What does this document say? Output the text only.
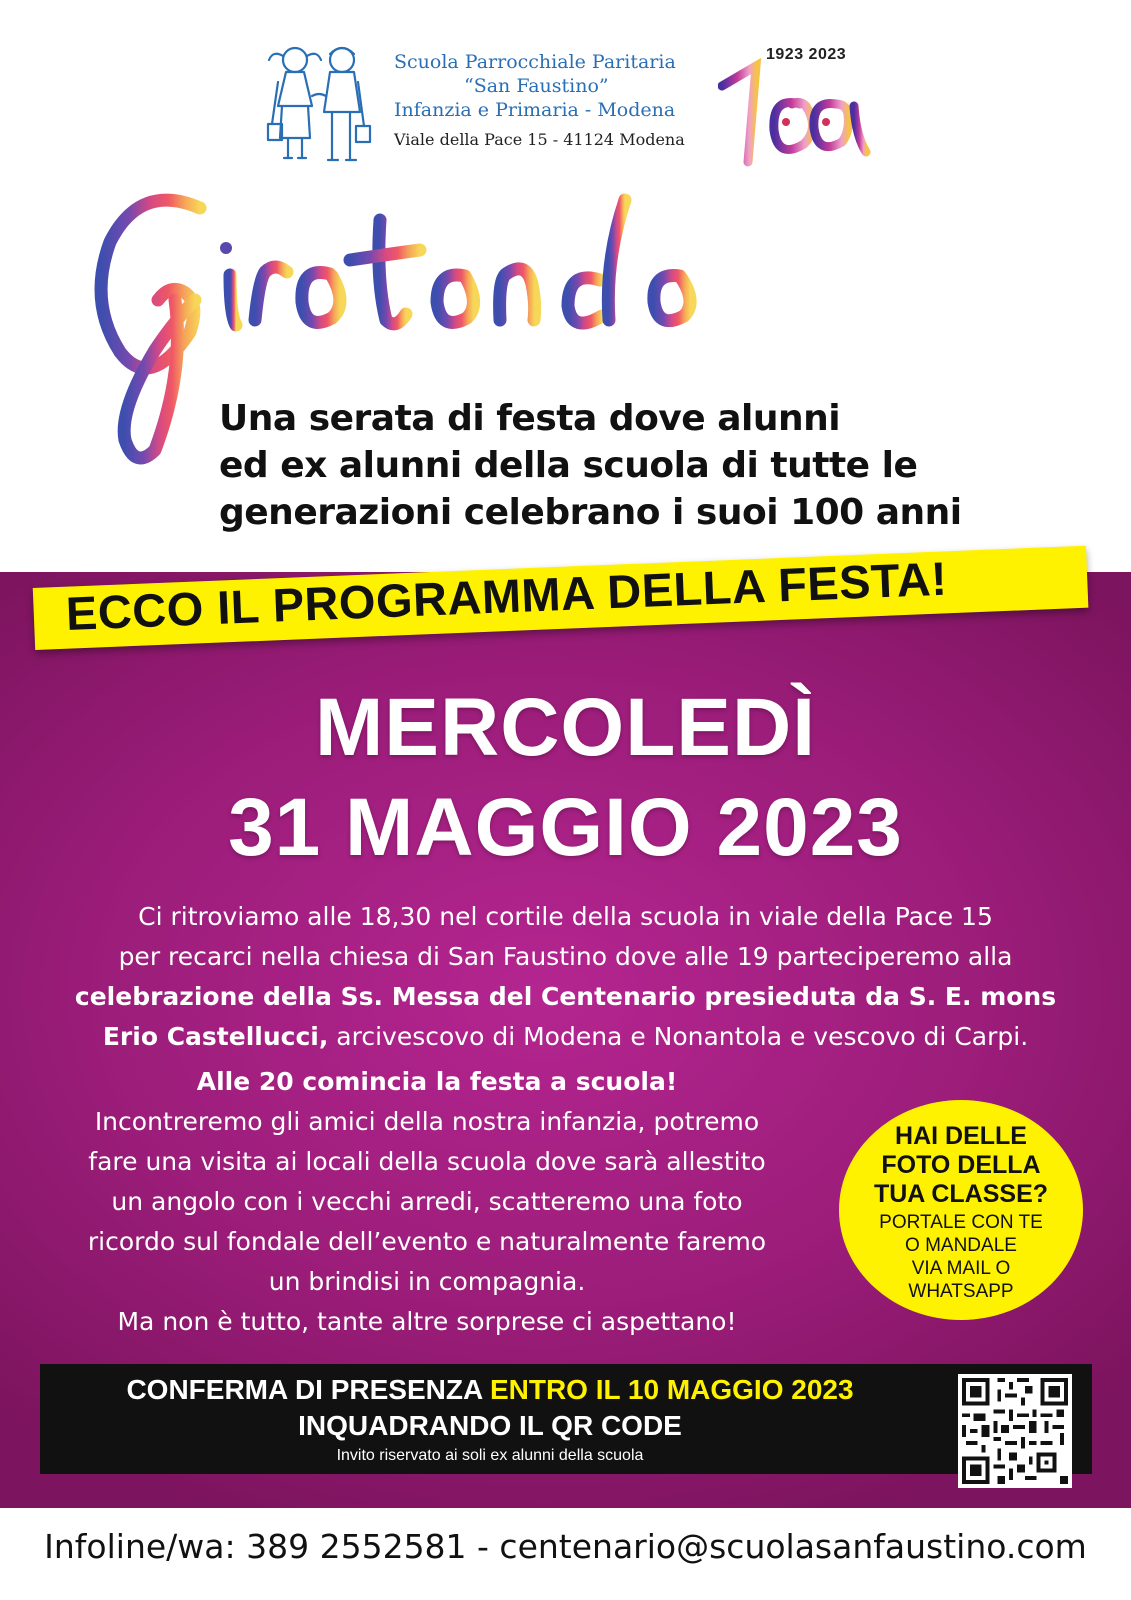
Scuola Parrocchiale Paritaria
“San Faustino”
Infanzia e Primaria - Modena
Viale della Pace 15 - 41124 Modena
1923 2023
Una serata di festa dove alunni
ed ex alunni della scuola di tutte le
generazioni celebrano i suoi 100 anni
ECCO IL PROGRAMMA DELLA FESTA!
MERCOLEDÌ
31 MAGGIO 2023
Ci ritroviamo alle 18,30 nel cortile della scuola in viale della Pace 15
per recarci nella chiesa di San Faustino dove alle 19 parteciperemo alla
celebrazione della Ss. Messa del Centenario presieduta da S. E. mons
Erio Castellucci, arcivescovo di Modena e Nonantola e vescovo di Carpi.
Alle 20 comincia la festa a scuola!
Incontreremo gli amici della nostra infanzia, potremo
fare una visita ai locali della scuola dove sarà allestito
un angolo con i vecchi arredi, scatteremo una foto
ricordo sul fondale dell’evento e naturalmente faremo
un brindisi in compagnia.
Ma non è tutto, tante altre sorprese ci aspettano!
HAI DELLE
FOTO DELLA
TUA CLASSE?
PORTALE CON TE
O MANDALE
VIA MAIL O
WHATSAPP
CONFERMA DI PRESENZA ENTRO IL 10 MAGGIO 2023
INQUADRANDO IL QR CODE
Invito riservato ai soli ex alunni della scuola
Infoline/wa: 389 2552581 - centenario@scuolasanfaustino.com
